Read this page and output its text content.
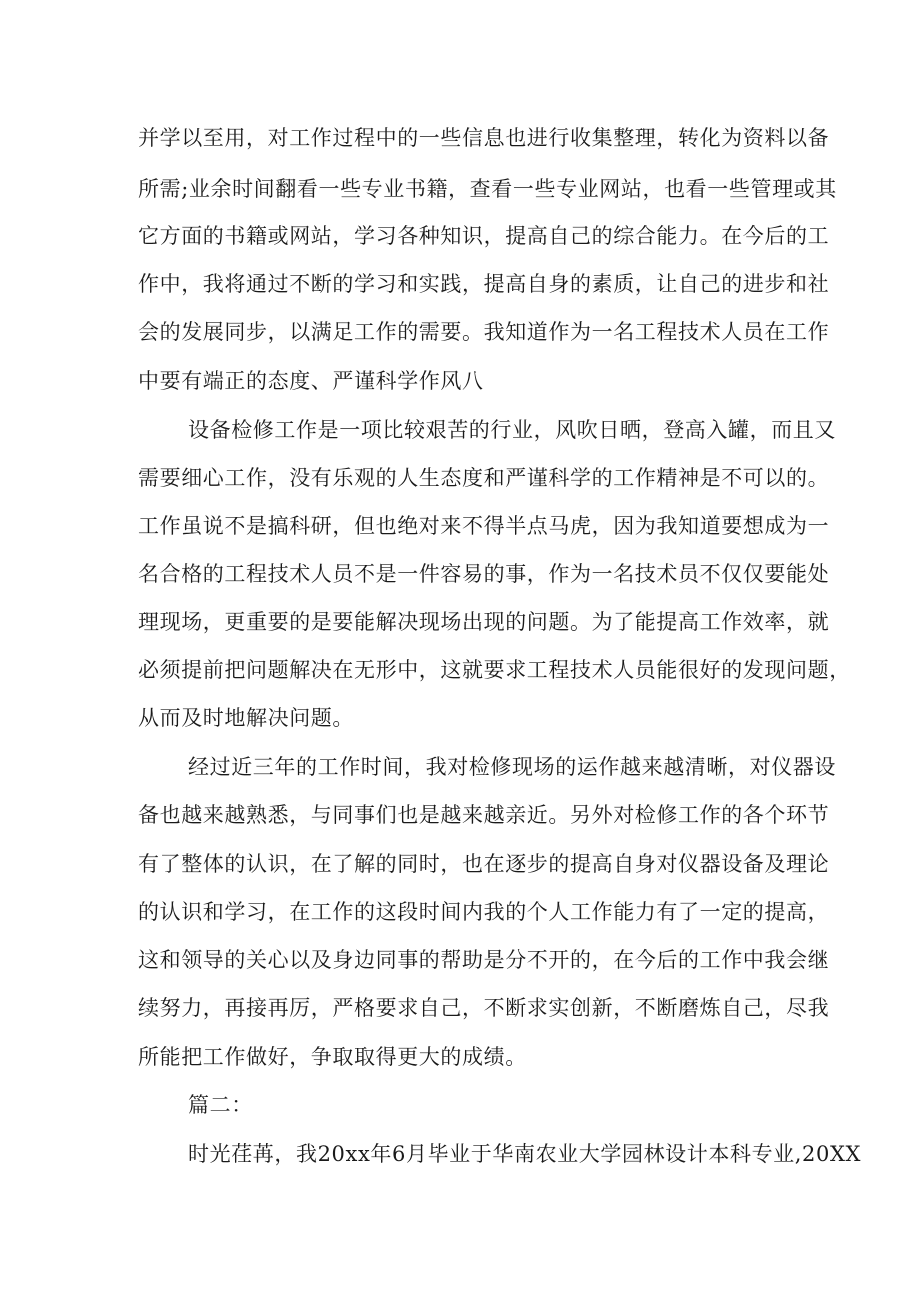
并学以至用，对工作过程中的一些信息也进行收集整理，转化为资料以备
所需;业余时间翻看一些专业书籍，查看一些专业网站，也看一些管理或其
它方面的书籍或网站，学习各种知识，提高自己的综合能力。在今后的工
作中，我将通过不断的学习和实践，提高自身的素质，让自己的进步和社
会的发展同步，以满足工作的需要。我知道作为一名工程技术人员在工作
中要有端正的态度、严谨科学作风八
设备检修工作是一项比较艰苦的行业，风吹日晒，登高入罐，而且又
需要细心工作，没有乐观的人生态度和严谨科学的工作精神是不可以的。
工作虽说不是搞科研，但也绝对来不得半点马虎，因为我知道要想成为一
名合格的工程技术人员不是一件容易的事，作为一名技术员不仅仅要能处
理现场，更重要的是要能解决现场出现的问题。为了能提高工作效率，就
必须提前把问题解决在无形中，这就要求工程技术人员能很好的发现问题，
从而及时地解决问题。
经过近三年的工作时间，我对检修现场的运作越来越清晰，对仪器设
备也越来越熟悉，与同事们也是越来越亲近。另外对检修工作的各个环节
有了整体的认识，在了解的同时，也在逐步的提高自身对仪器设备及理论
的认识和学习，在工作的这段时间内我的个人工作能力有了一定的提高，
这和领导的关心以及身边同事的帮助是分不开的，在今后的工作中我会继
续努力，再接再厉，严格要求自己，不断求实创新，不断磨炼自己，尽我
所能把工作做好，争取取得更大的成绩。
篇二：
时光荏苒，我20xx年6月毕业于华南农业大学园林设计本科专业,20XX
